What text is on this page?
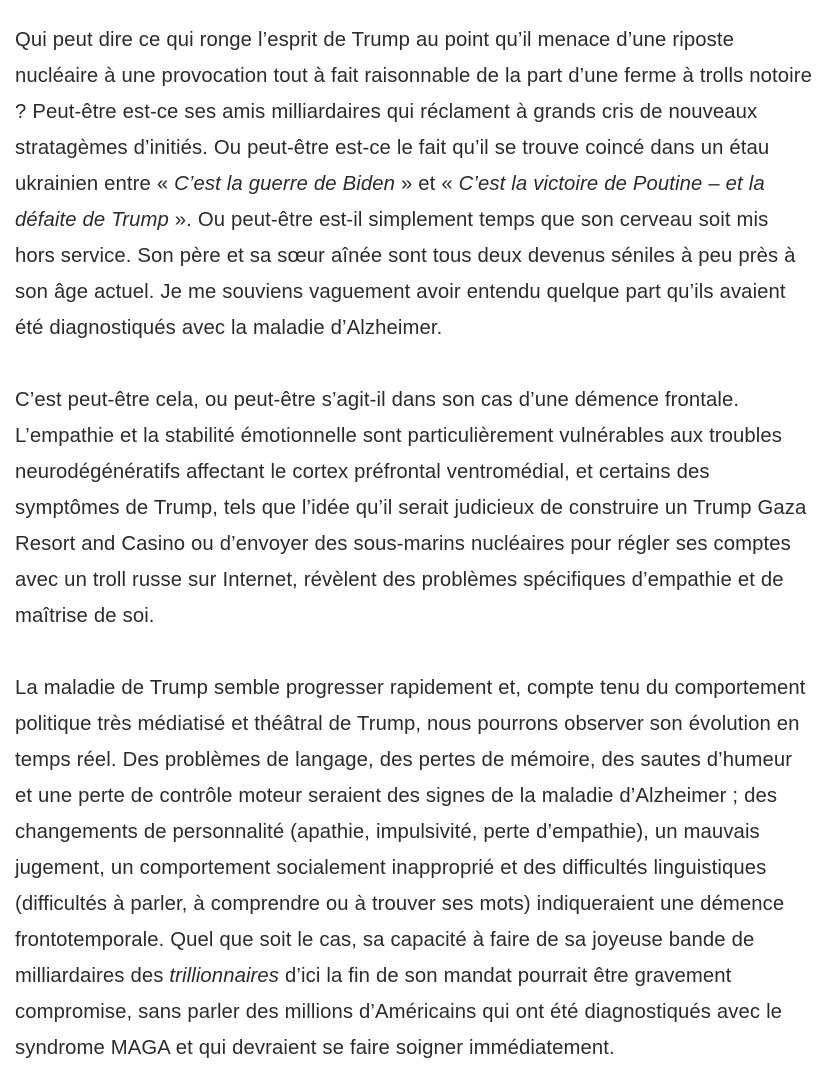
Qui peut dire ce qui ronge l’esprit de Trump au point qu’il menace d’une riposte nucléaire à une provocation tout à fait raisonnable de la part d’une ferme à trolls notoire ? Peut-être est-ce ses amis milliardaires qui réclament à grands cris de nouveaux stratagèmes d’initiés. Ou peut-être est-ce le fait qu’il se trouve coincé dans un étau ukrainien entre « C’est la guerre de Biden » et « C’est la victoire de Poutine – et la défaite de Trump ». Ou peut-être est-il simplement temps que son cerveau soit mis hors service. Son père et sa sœur aînée sont tous deux devenus séniles à peu près à son âge actuel. Je me souviens vaguement avoir entendu quelque part qu’ils avaient été diagnostiqués avec la maladie d’Alzheimer.

C’est peut-être cela, ou peut-être s’agit-il dans son cas d’une démence frontale. L’empathie et la stabilité émotionnelle sont particulièrement vulnérables aux troubles neurodégénératifs affectant le cortex préfrontal ventromédial, et certains des symptômes de Trump, tels que l’idée qu’il serait judicieux de construire un Trump Gaza Resort and Casino ou d’envoyer des sous-marins nucléaires pour régler ses comptes avec un troll russe sur Internet, révèlent des problèmes spécifiques d’empathie et de maîtrise de soi.

La maladie de Trump semble progresser rapidement et, compte tenu du comportement politique très médiatisé et théâtral de Trump, nous pourrons observer son évolution en temps réel. Des problèmes de langage, des pertes de mémoire, des sautes d’humeur et une perte de contrôle moteur seraient des signes de la maladie d’Alzheimer ; des changements de personnalité (apathie, impulsivité, perte d’empathie), un mauvais jugement, un comportement socialement inapproprié et des difficultés linguistiques (difficultés à parler, à comprendre ou à trouver ses mots) indiqueraient une démence frontotemporale. Quel que soit le cas, sa capacité à faire de sa joyeuse bande de milliardaires des trillionnaires d’ici la fin de son mandat pourrait être gravement compromise, sans parler des millions d’Américains qui ont été diagnostiqués avec le syndrome MAGA et qui devraient se faire soigner immédiatement.
